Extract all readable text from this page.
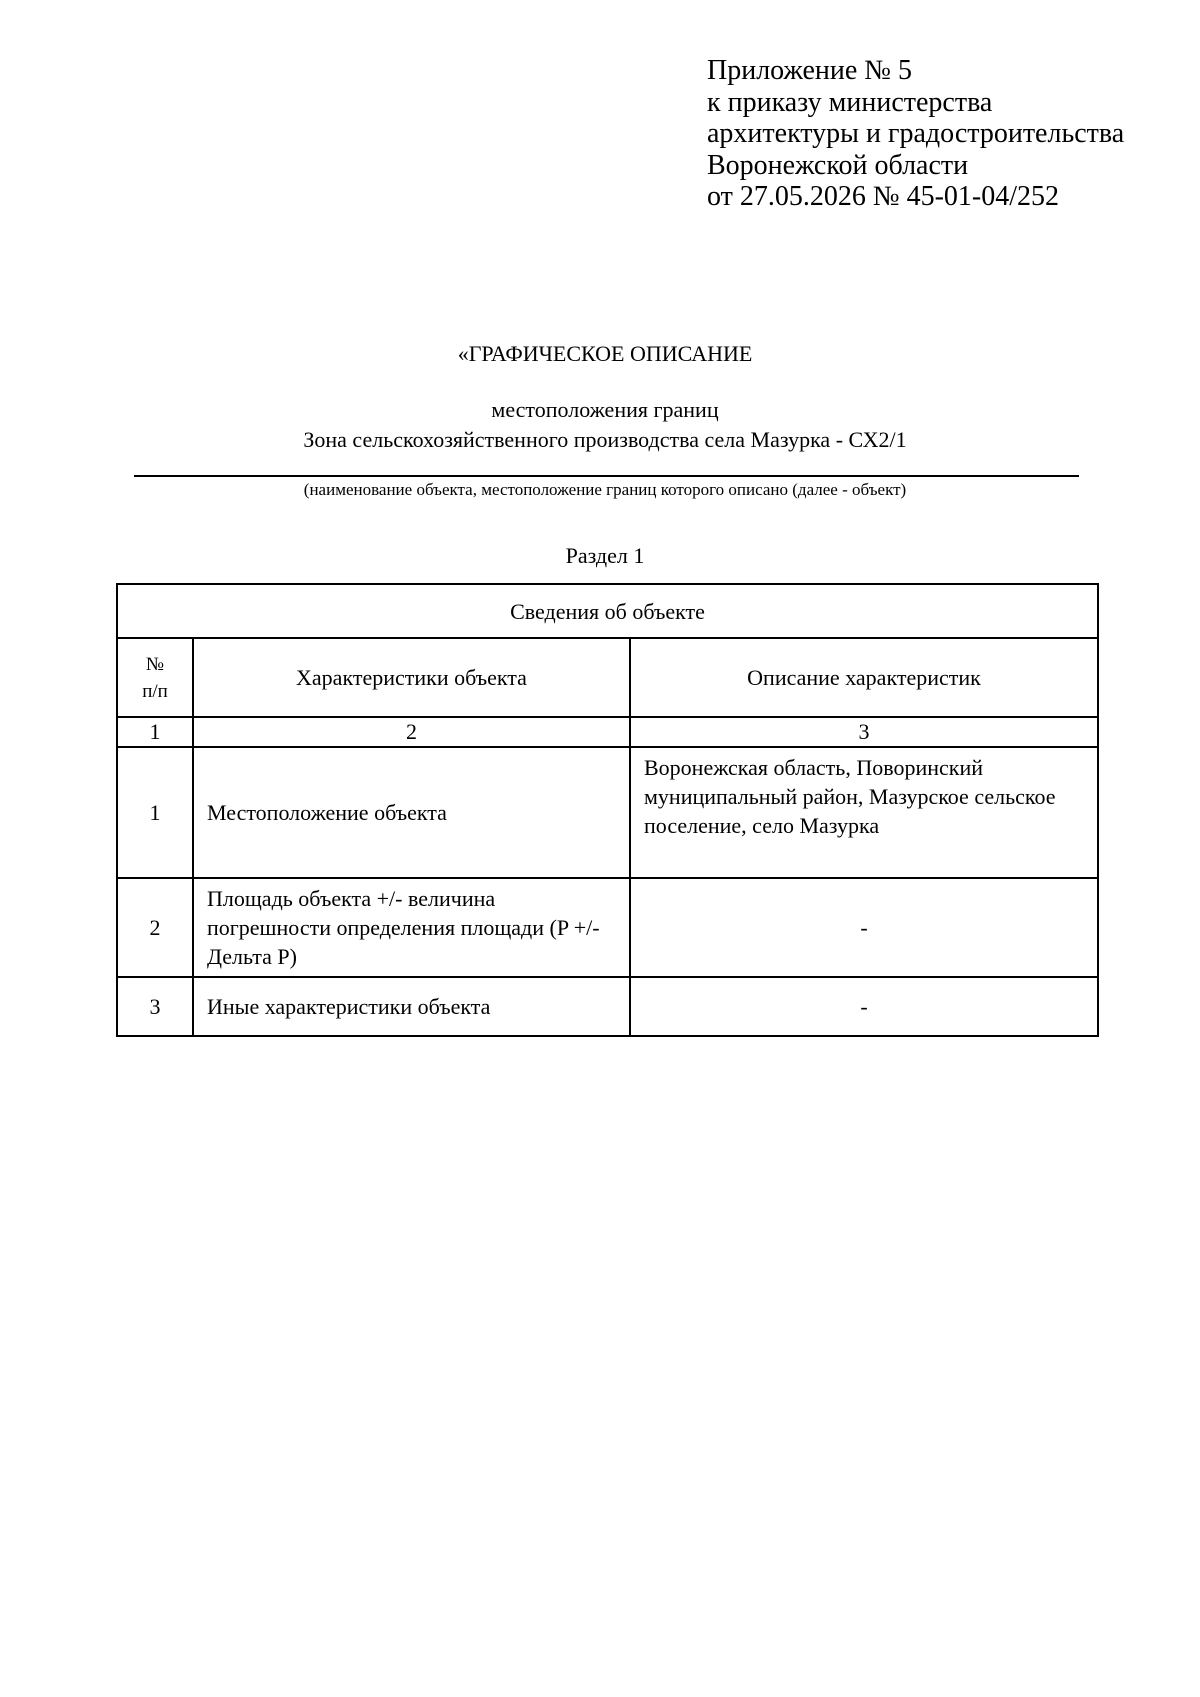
Приложение № 5
к приказу министерства
архитектуры и градостроительства
Воронежской области
от 27.05.2026 № 45-01-04/252
«ГРАФИЧЕСКОЕ ОПИСАНИЕ
местоположения границ
Зона сельскохозяйственного производства села Мазурка - СХ2/1
(наименование объекта, местоположение границ которого описано (далее - объект)
Раздел 1
Сведения об объекте		

№
п/п	Характеристики объекта	Описание характеристик
1	2	3
1	Местоположение объекта	Воронежская область, Поворинский муниципальный район, Мазурское сельское поселение, село Мазурка
2	Площадь объекта +/- величина погрешности определения площади (P +/- Дельта P)	-
3	Иные характеристики объекта	-
